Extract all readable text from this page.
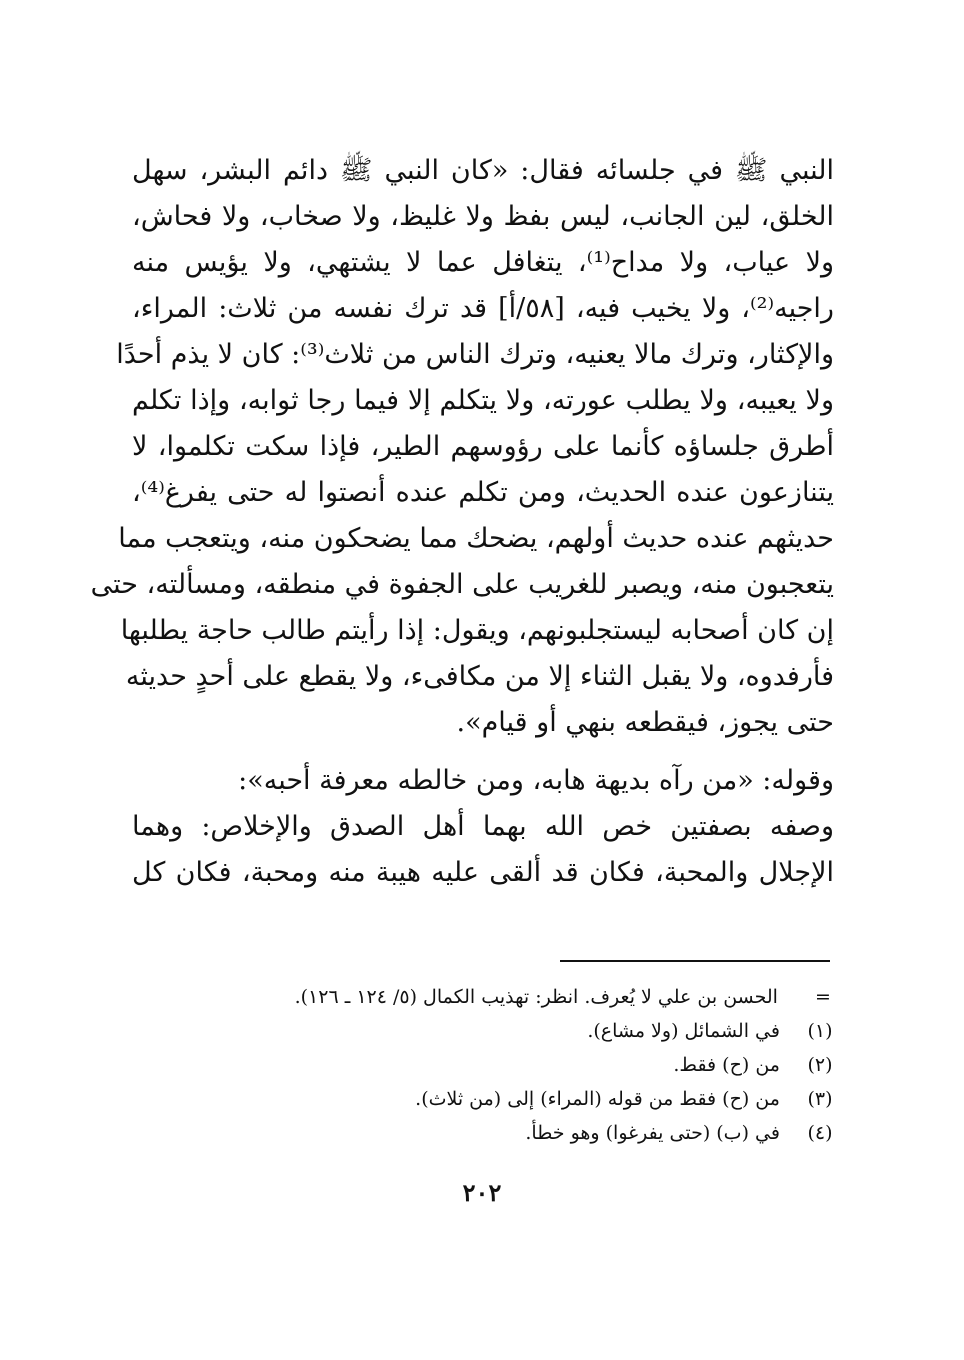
النبي ﷺ في جلسائه فقال: «كان النبي ﷺ دائم البشر، سهل
الخلق، لين الجانب، ليس بفظ ولا غليظ، ولا صخاب، ولا فحاش،
ولا عياب، ولا مداح⁽¹⁾، يتغافل عما لا يشتهي، ولا يؤيس منه
راجيه⁽²⁾، ولا يخيب فيه، [٥٨/أ] قد ترك نفسه من ثلاث: المراء،
والإكثار، وترك مالا يعنيه، وترك الناس من ثلاث⁽³⁾: كان لا يذم أحدًا
ولا يعيبه، ولا يطلب عورته، ولا يتكلم إلا فيما رجا ثوابه، وإذا تكلم
أطرق جلساؤه كأنما على رؤوسهم الطير، فإذا سكت تكلموا، لا
يتنازعون عنده الحديث، ومن تكلم عنده أنصتوا له حتى يفرغ⁽⁴⁾،
حديثهم عنده حديث أولهم، يضحك مما يضحكون منه، ويتعجب مما
يتعجبون منه، ويصبر للغريب على الجفوة في منطقه، ومسألته، حتى
إن كان أصحابه ليستجلبونهم، ويقول: إذا رأيتم طالب حاجة يطلبها
فأرفدوه، ولا يقبل الثناء إلا من مكافىء، ولا يقطع على أحدٍ حديثه
حتى يجوز، فيقطعه بنهي أو قيام».
وقوله: «من رآه بديهة هابه، ومن خالطه معرفة أحبه»:
وصفه بصفتين خص الله بهما أهل الصدق والإخلاص: وهما
الإجلال والمحبة، فكان قد ألقى عليه هيبة منه ومحبة، فكان كل
= الحسن بن علي لا يُعرف. انظر: تهذيب الكمال (٥/ ١٢٤ ـ ١٢٦).
(١) في الشمائل (ولا مشاع).
(٢) من (ح) فقط.
(٣) من (ح) فقط من قوله (المراء) إلى (من ثلاث).
(٤) في (ب) (حتى يفرغوا) وهو خطأ.
٢٠٢
